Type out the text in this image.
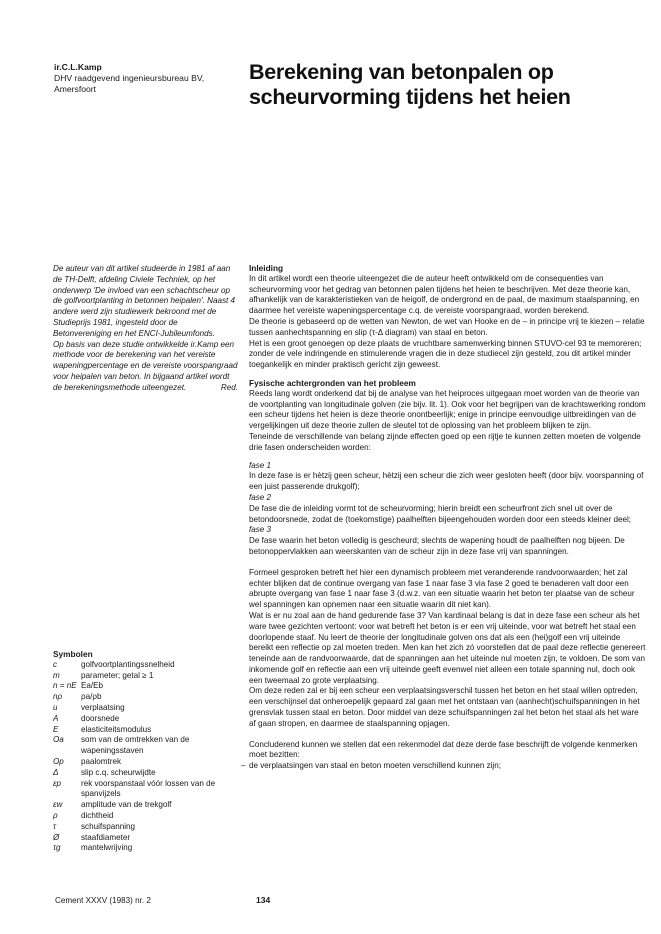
ir.C.L.Kamp
DHV raadgevend ingenieursbureau BV,
Amersfoort
Berekening van betonpalen op
scheurvorming tijdens het heien

De auteur van dit artikel studeerde in 1981 af aan de TH-Delft, afdeling Civiele Techniek, op het onderwerp 'De invloed van een schachtscheur op de golfvoortplanting in betonnen heipalen'. Naast 4 andere werd zijn studiewerk bekroond met de Studieprijs 1981, ingesteld door de Betonvereniging en het ENCI-Jubileumfonds.

Op basis van deze studie ontwikkelde ir.Kamp een methode voor de berekening van het vereiste wapeningpercentage en de vereiste voorspangraad voor heipalen van beton. In bijgaand artikel wordt de berekeningsmethode uiteengezet.	Red.

Inleiding

In dit artikel wordt een theorie uiteengezet die de auteur heeft ontwikkeld om de consequenties van scheurvorming voor het gedrag van betonnen palen tijdens het heien te beschrijven. Met deze theorie kan, afhankelijk van de karakteristieken van de heigolf, de ondergrond en de paal, de maximum staalspanning, en daarmee het vereiste wapeningspercentage c.q. de vereiste voorspangraad, worden berekend.

De theorie is gebaseerd op de wetten van Newton, de wet van Hooke en de – in principe vrij te kiezen – relatie tussen aanhechtspanning en slip (τ-Δ diagram) van staal en beton.

Het is een groot genoegen op deze plaats de vruchtbare samenwerking binnen STUVO-cel 93 te memoreren; zonder de vele indringende en stimulerende vragen die in deze studiecel zijn gesteld, zou dit artikel minder toegankelijk en minder praktisch gericht zijn geweest.

Fysische achtergronden van het probleem

Reeds lang wordt onderkend dat bij de analyse van het heiproces uitgegaan moet worden van de theorie van de voortplanting van longitudinale golven (zie bijv. lit. 1). Ook voor het begrijpen van de krachtswerking rondom een scheur tijdens het heien is deze theorie onontbeerlijk; enige in principe eenvoudige uitbreidingen van de vergelijkingen uit deze theorie zullen de sleutel tot de oplossing van het probleem blijken te zijn.

Teneinde de verschillende van belang zijnde effecten goed op een rijtje te kunnen zetten moeten de volgende drie fasen onderscheiden worden:

fase 1

In deze fase is er hètzij geen scheur, hètzij een scheur die zich weer gesloten heeft (door bijv. voorspanning of een juist passerende drukgolf);

fase 2

De fase die de inleiding vormt tot de scheurvorming; hierin breidt een scheurfront zich snel uit over de betondoorsnede, zodat de (toekomstige) paalhelften bijeengehouden worden door een steeds kleiner deel;

fase 3

De fase waarin het beton volledig is gescheurd; slechts de wapening houdt de paalhelften nog bijeen. De betonoppervlakken aan weerskanten van de scheur zijn in deze fase vrij van spanningen.

Formeel gesproken betreft het hier een dynamisch probleem met veranderende randvoorwaarden; het zal echter blijken dat de continue overgang van fase 1 naar fase 3 via fase 2 goed te benaderen valt door een abrupte overgang van fase 1 naar fase 3 (d.w.z. van een situatie waarin het beton ter plaatse van de scheur wel spanningen kan opnemen naar een situatie waarin dit niet kan).

Wat is er nu zoal aan de hand gedurende fase 3? Van kardinaal belang is dat in deze fase een scheur als het ware twee gezichten vertoont: voor wat betreft het beton is er een vrij uiteinde, voor wat betreft het staal een doorlopende staaf. Nu leert de theorie der longitudinale golven ons dat als een (hei)golf een vrij uiteinde bereikt een reflectie op zal moeten treden. Men kan het zich zó voorstellen dat de paal deze reflectie genereert teneinde aan de randvoorwaarde, dat de spanningen aan het uiteinde nul moeten zijn, te voldoen. De som van inkomende golf en reflectie aan een vrij uiteinde geeft evenwel niet alleen een totale spanning nul, doch ook een tweemaal zo grote verplaatsing.

Om deze reden zal er bij een scheur een verplaatsingsverschil tussen het beton en het staal willen optreden, een verschijnsel dat onheroepelijk gepaard zal gaan met het ontstaan van (aanhecht)schuifspanningen in het grensvlak tussen staal en beton. Door middel van deze schuifspanningen zal het beton het staal als het ware af gaan stropen, en daarmee de staalspanning opjagen.

Concluderend kunnen we stellen dat een rekenmodel dat deze derde fase beschrijft de volgende kenmerken moet bezitten:

– de verplaatsingen van staal en beton moeten verschillend kunnen zijn;

Symbolen
c	golfvoortplantingssnelheid
m	parameter; getal ≥ 1
n = nE Ea/Eb
nρ	ρa/ρb
u	verplaatsing
A	doorsnede
E	elasticiteitsmodulus
Oa	som van de omtrekken van de wapeningsstaven
Op	paalomtrek
Δ	slip c.q. scheurwijdte
εp	rek voorspanstaal vóór lossen van de spanvijzels
εw	amplitude van de trekgolf
ρ	dichtheid
τ	schuifspanning
Ø	staafdiameter
τg	mantelwrijving
Cement XXXV (1983) nr. 2	134
